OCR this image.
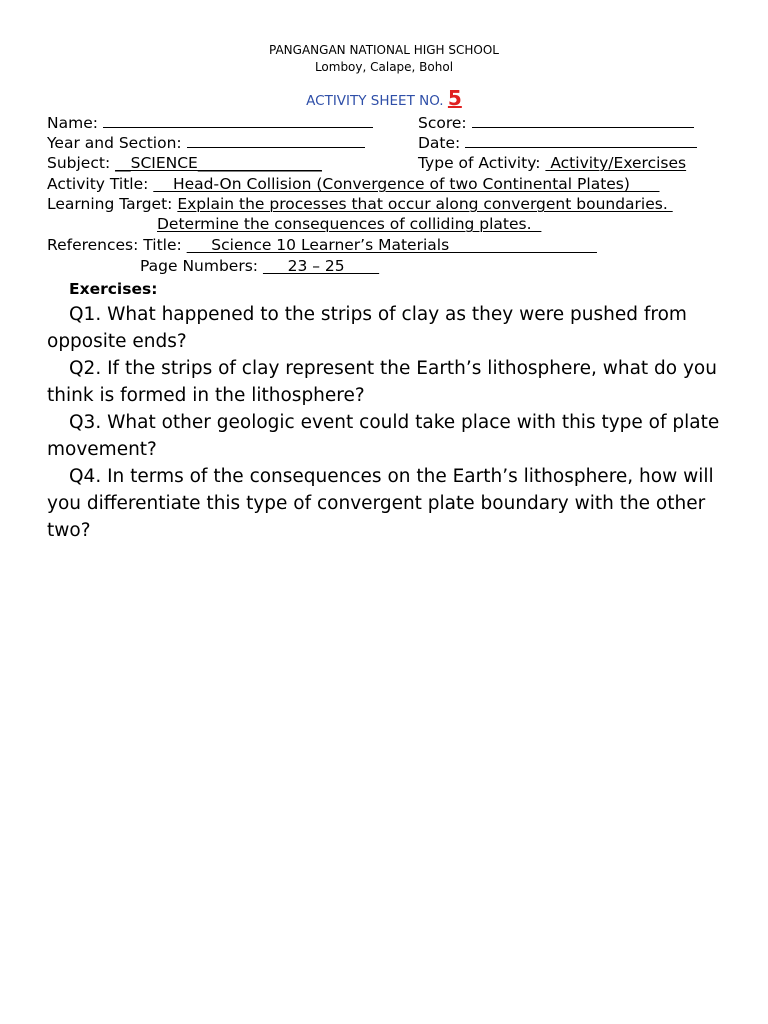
PANGANGAN NATIONAL HIGH SCHOOL
Lomboy, Calape, Bohol
ACTIVITY SHEET NO. 5
Name:	Score:
Year and Section:	Date:
Subject: __SCIENCE________________	Type of Activity:  Activity/Exercises
Activity Title:     Head-On Collision (Convergence of two Continental Plates)
Learning Target: Explain the processes that occur along convergent boundaries.
Determine the consequences of colliding plates.
References: Title:      Science 10 Learner’s Materials
Page Numbers:      23 – 25
Exercises:
Q1. What happened to the strips of clay as they were pushed from opposite ends?
Q2. If the strips of clay represent the Earth’s lithosphere, what do you think is formed in the lithosphere?
Q3. What other geologic event could take place with this type of plate movement?
Q4. In terms of the consequences on the Earth’s lithosphere, how will you differentiate this type of convergent plate boundary with the other two?
